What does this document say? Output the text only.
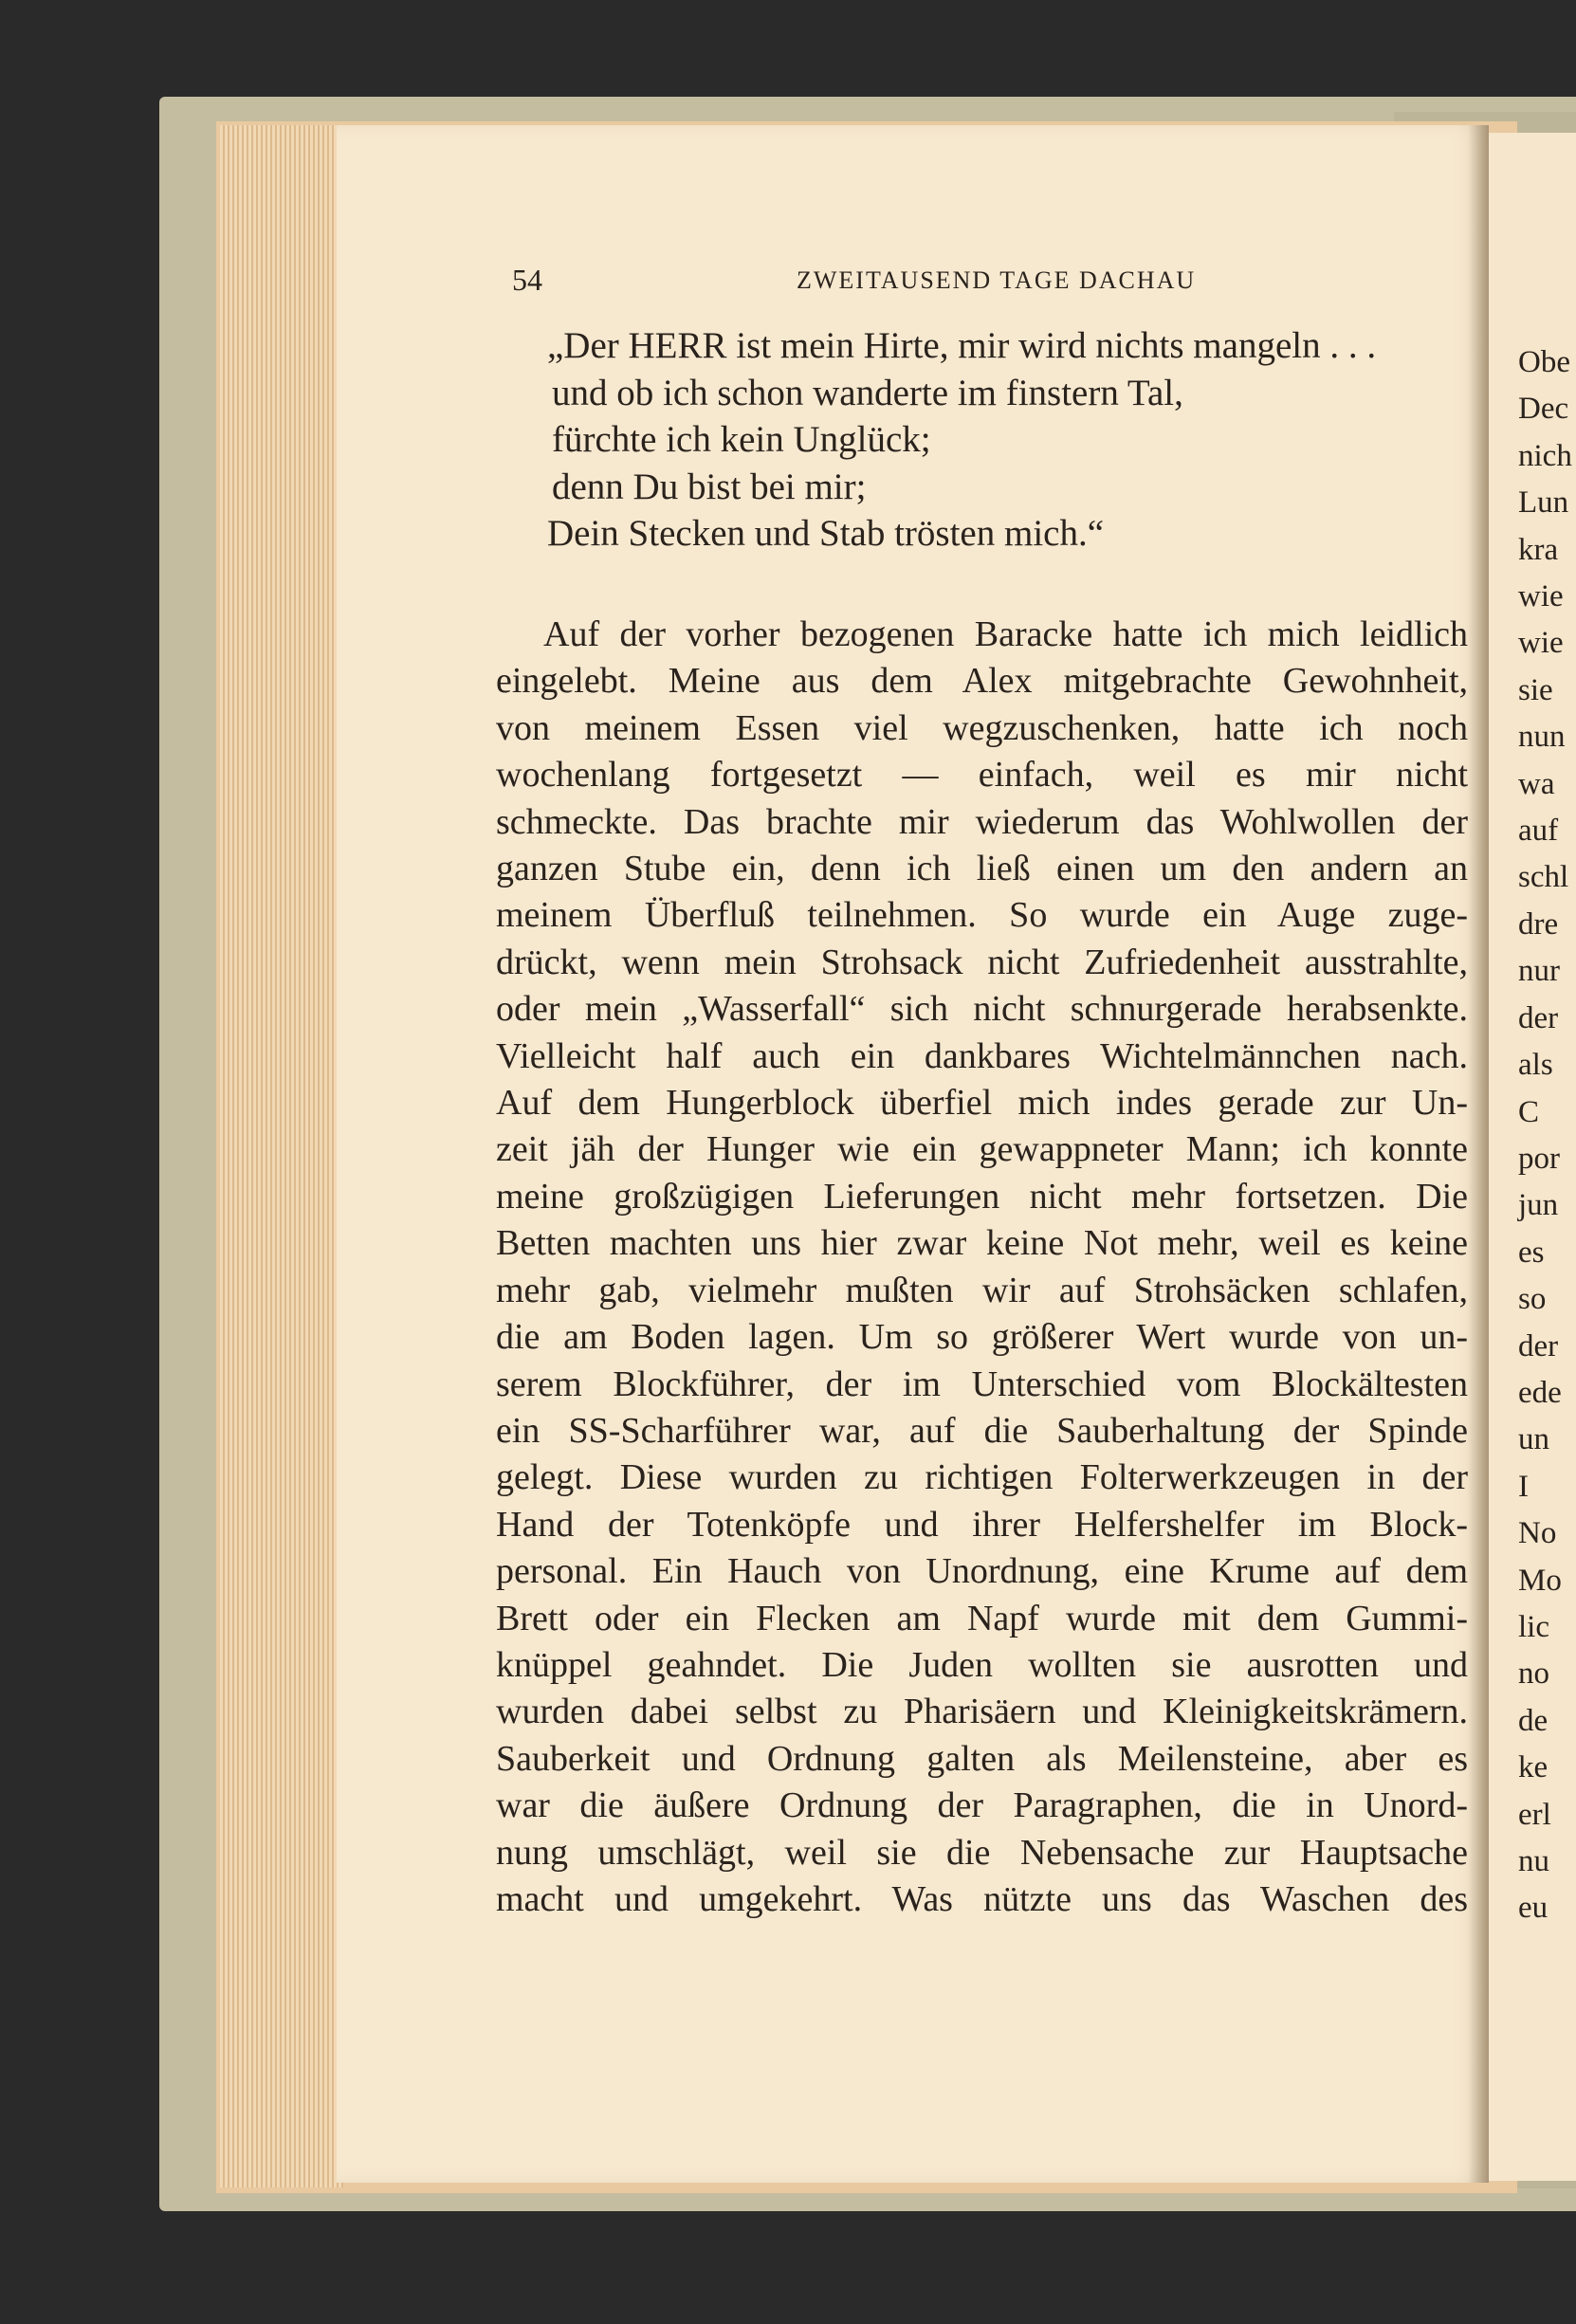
54	ZWEITAUSEND TAGE DACHAU
„Der HERR ist mein Hirte, mir wird nichts mangeln . . .
und ob ich schon wanderte im finstern Tal,
fürchte ich kein Unglück;
denn Du bist bei mir;
Dein Stecken und Stab trösten mich.“
Auf der vorher bezogenen Baracke hatte ich mich leidlich
eingelebt. Meine aus dem Alex mitgebrachte Gewohnheit,
von meinem Essen viel wegzuschenken, hatte ich noch
wochenlang fortgesetzt — einfach, weil es mir nicht
schmeckte. Das brachte mir wiederum das Wohlwollen der
ganzen Stube ein, denn ich ließ einen um den andern an
meinem Überfluß teilnehmen. So wurde ein Auge zuge-
drückt, wenn mein Strohsack nicht Zufriedenheit ausstrahlte,
oder mein „Wasserfall“ sich nicht schnurgerade herabsenkte.
Vielleicht half auch ein dankbares Wichtelmännchen nach.
Auf dem Hungerblock überfiel mich indes gerade zur Un-
zeit jäh der Hunger wie ein gewappneter Mann; ich konnte
meine großzügigen Lieferungen nicht mehr fortsetzen. Die
Betten machten uns hier zwar keine Not mehr, weil es keine
mehr gab, vielmehr mußten wir auf Strohsäcken schlafen,
die am Boden lagen. Um so größerer Wert wurde von un-
serem Blockführer, der im Unterschied vom Blockältesten
ein SS-Scharführer war, auf die Sauberhaltung der Spinde
gelegt. Diese wurden zu richtigen Folterwerkzeugen in der
Hand der Totenköpfe und ihrer Helfershelfer im Block-
personal. Ein Hauch von Unordnung, eine Krume auf dem
Brett oder ein Flecken am Napf wurde mit dem Gummi-
knüppel geahndet. Die Juden wollten sie ausrotten und
wurden dabei selbst zu Pharisäern und Kleinigkeitskrämern.
Sauberkeit und Ordnung galten als Meilensteine, aber es
war die äußere Ordnung der Paragraphen, die in Unord-
nung umschlägt, weil sie die Nebensache zur Hauptsache
macht und umgekehrt. Was nützte uns das Waschen des
Obe
Dec
nich
Lun
kra
wie
wie
sie
nun
wa
auf
schl
dre
nur
der
als
C
por
jun
es
so
der
ede
un
I
No
Mo
lic
no
de
ke
erl
nu
eu
